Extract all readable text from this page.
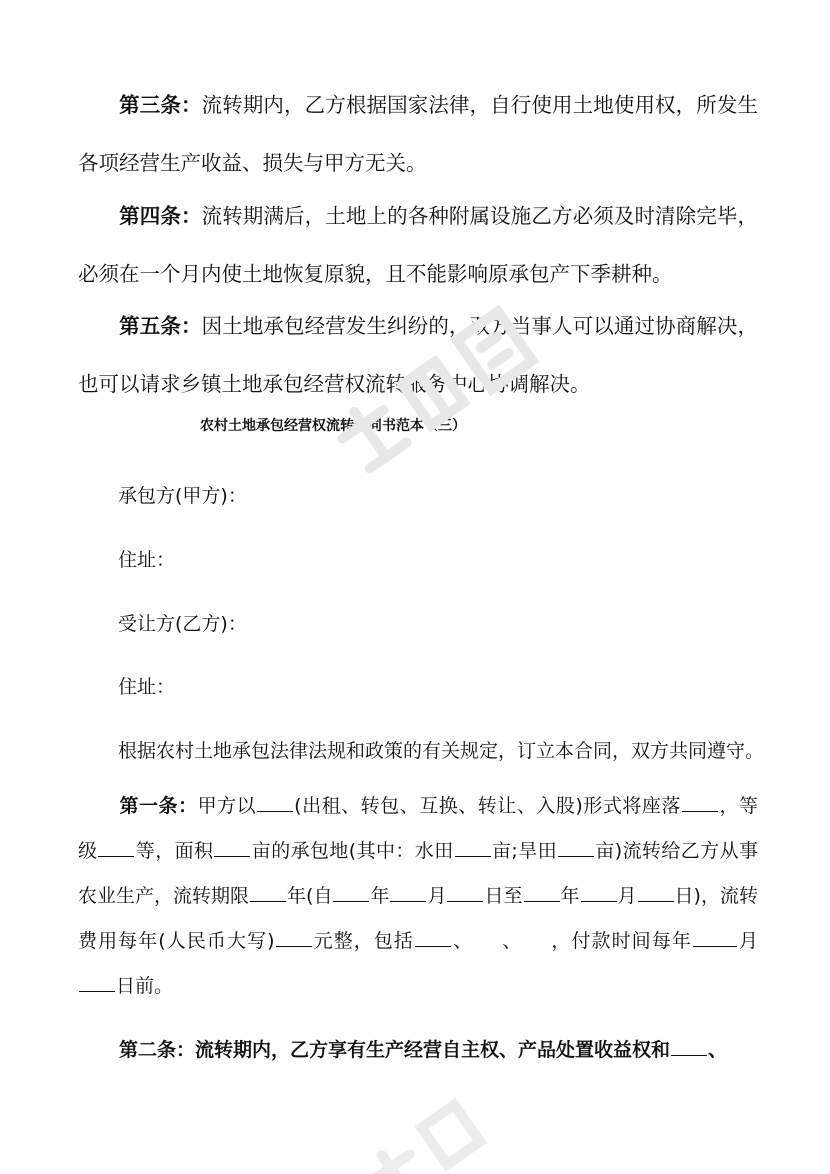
第三条：流转期内，乙方根据国家法律，自行使用土地使用权，所发生各项经营生产收益、损失与甲方无关。

第四条：流转期满后，土地上的各种附属设施乙方必须及时清除完毕，必须在一个月内使土地恢复原貌，且不能影响原承包产下季耕种。

第五条：因土地承包经营发生纠纷的，双方当事人可以通过协商解决，也可以请求乡镇土地承包经营权流转服务中心协调解决。

农村土地承包经营权流转合同书范本（三）

承包方(甲方)：

住址：

受让方(乙方)：

住址：

根据农村土地承包法律法规和政策的有关规定，订立本合同，双方共同遵守。

第一条：甲方以 (出租、转包、互换、转让、入股)形式将座落 ，等级 等，面积 亩的承包地(其中：水田 亩;旱田 亩)流转给乙方从事农业生产，流转期限 年(自 年 月 日至 年 月 日)，流转费用每年(人民币大写) 元整，包括 、 、 ，付款时间每年 月日前。

第二条：流转期内，乙方享有生产经营自主权、产品处置收益权和 、
